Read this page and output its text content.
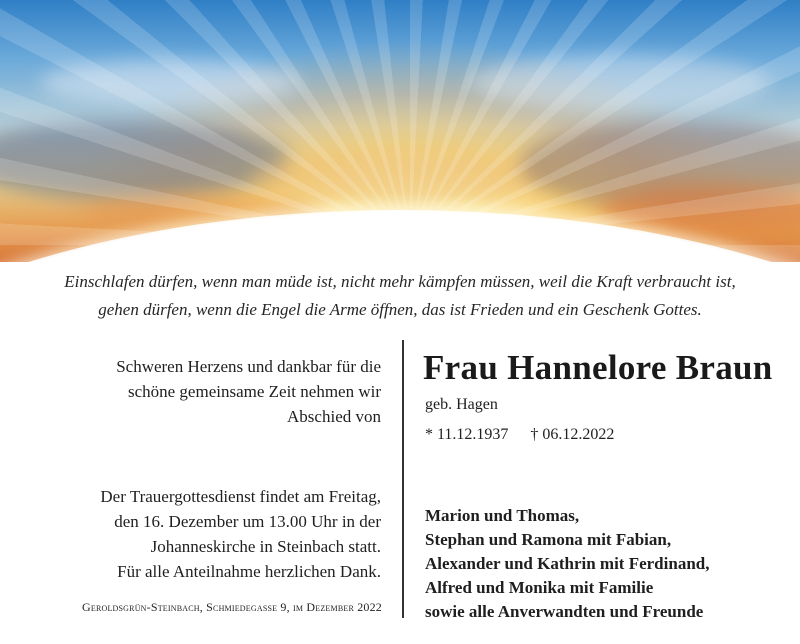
Einschlafen dürfen, wenn man müde ist, nicht mehr kämpfen müssen, weil die Kraft verbraucht ist,

gehen dürfen, wenn die Engel die Arme öffnen, das ist Frieden und ein Geschenk Gottes.

Schweren Herzens und dankbar für die

schöne gemeinsame Zeit nehmen wir

Abschied von

Frau Hannelore Braun
geb. Hagen
* 11.12.1937 † 06.12.2022

Der Trauergottesdienst findet am Freitag,

den 16. Dezember um 13.00 Uhr in der

Johanneskirche in Steinbach statt.

Für alle Anteilnahme herzlichen Dank.

Marion und Thomas,
Stephan und Ramona mit Fabian,
Alexander und Kathrin mit Ferdinand,
Alfred und Monika mit Familie
sowie alle Anverwandten und Freunde
Geroldsgrün-Steinbach, Schmiedegasse 9, im Dezember 2022
